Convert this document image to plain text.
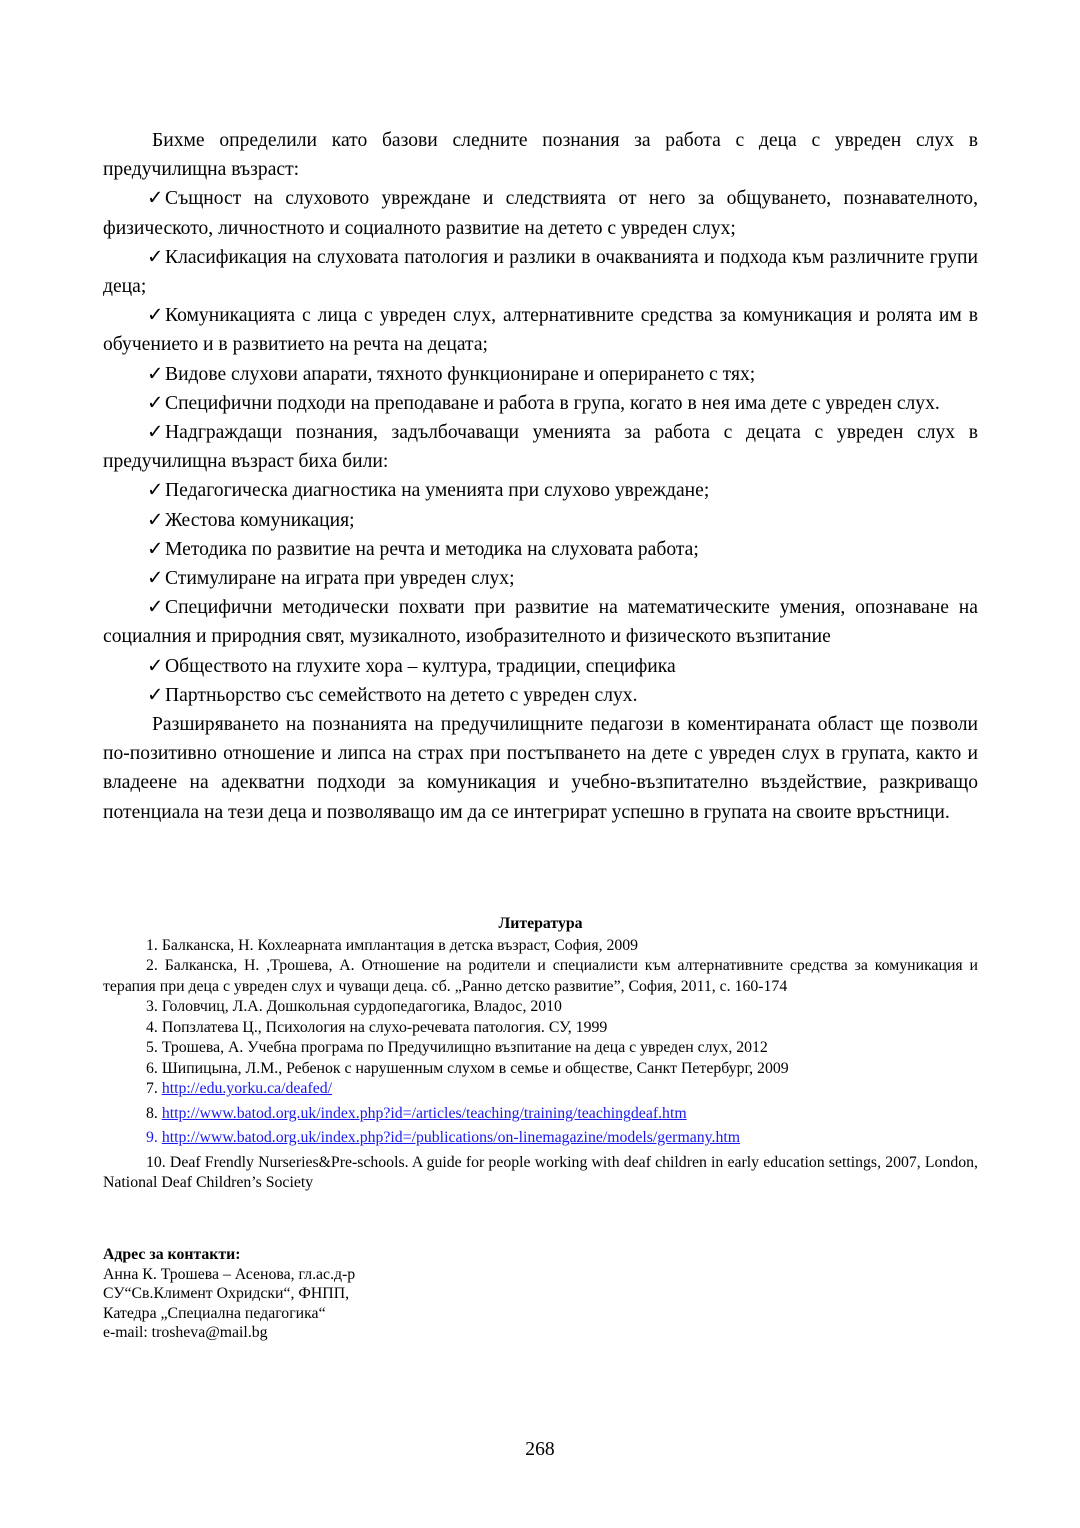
Бихме определили като базови следните познания за работа с деца с увреден слух в предучилищна възраст:

✓Същност на слуховото увреждане и следствията от него за общуването, познавателното, физическото, личностното и социалното развитие на детето с увреден слух;

✓Класификация на слуховата патология и разлики в очакванията и подхода към различните групи деца;

✓Комуникацията с лица с увреден слух, алтернативните средства за комуникация и ролята им в обучението и в развитието на речта на децата;

✓Видове слухови апарати, тяхното функциониране и оперирането с тях;

✓Специфични подходи на преподаване и работа в група, когато в нея има дете с увреден слух.

✓Надграждащи познания, задълбочаващи уменията за работа с децата с увреден слух в предучилищна възраст биха били:

✓Педагогическа диагностика на уменията при слухово увреждане;

✓Жестова комуникация;

✓Методика по развитие на речта и методика на слуховата работа;

✓Стимулиране на играта при увреден слух;

✓Специфични методически похвати при развитие на математическите умения, опознаване на социалния и природния свят, музикалното, изобразителното и физическото възпитание

✓Обществото на глухите хора – култура, традиции, специфика

✓Партньорство със семейството на детето с увреден слух.

Разширяването на познанията на предучилищните педагози в коментираната област ще позволи по-позитивно отношение и липса на страх при постъпването на дете с увреден слух в групата, както и владеене на адекватни подходи за комуникация и учебно-възпитателно въздействие, разкриващо потенциала на тези деца и позволяващо им да се интегрират успешно в групата на своите връстници.

Литература

1. Балканска, Н. Кохлеарната имплантация в детска възраст, София, 2009

2. Балканска, Н. ,Трошева, А. Отношение на родители и специалисти към алтернативните средства за комуникация и терапия при деца с увреден слух и чуващи деца. сб. „Ранно детско развитие”, София, 2011, с. 160-174

3. Головчиц, Л.А. Дошкольная сурдопедагогика, Владос, 2010

4. Попзлатева Ц., Психология на слухо-речевата патология. СУ, 1999

5. Трошева, А. Учебна програма по Предучилищно възпитание на деца с увреден слух, 2012

6. Шипицына, Л.М., Ребенок с нарушенным слухом в семье и обществе, Санкт Петербург, 2009

7. http://edu.yorku.ca/deafed/

8. http://www.batod.org.uk/index.php?id=/articles/teaching/training/teachingdeaf.htm

9. http://www.batod.org.uk/index.php?id=/publications/on-linemagazine/models/germany.htm

10. Deaf Frendly Nurseries&Pre-schools. A guide for people working with deaf children in early education settings, 2007, London, National Deaf Children’s Society

Адрес за контакти:

Анна К. Трошева – Асенова, гл.ас.д-р

СУ“Св.Климент Охридски“, ФНПП,

Катедра „Специална педагогика“

e-mail: trosheva@mail.bg

268
